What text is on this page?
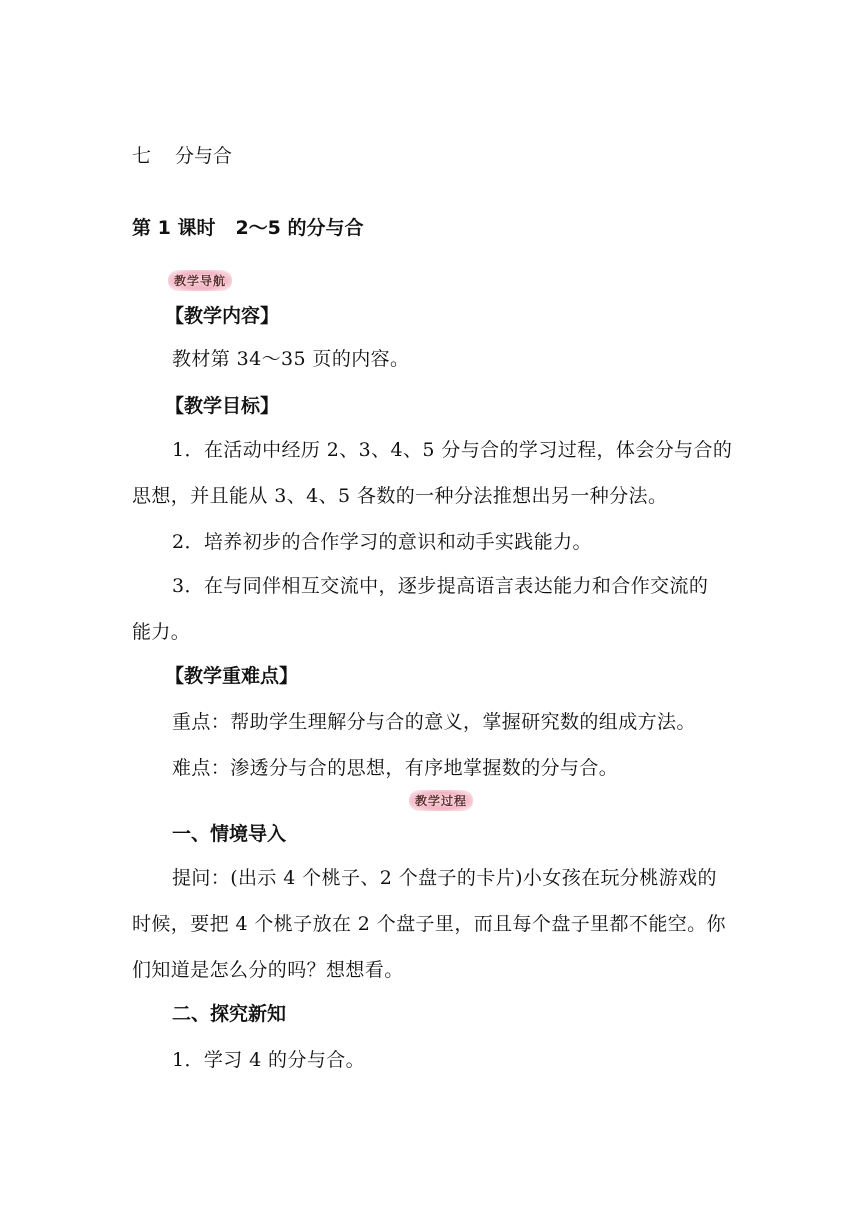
七 分与合
第 1 课时 2～5 的分与合
教学导航
【教学内容】
教材第 34～35 页的内容。
【教学目标】
1．在活动中经历 2、3、4、5 分与合的学习过程，体会分与合的
思想，并且能从 3、4、5 各数的一种分法推想出另一种分法。
2．培养初步的合作学习的意识和动手实践能力。
3．在与同伴相互交流中，逐步提高语言表达能力和合作交流的
能力。
【教学重难点】
重点：帮助学生理解分与合的意义，掌握研究数的组成方法。
难点：渗透分与合的思想，有序地掌握数的分与合。
教学过程
一、情境导入
提问：(出示 4 个桃子、2 个盘子的卡片)小女孩在玩分桃游戏的
时候，要把 4 个桃子放在 2 个盘子里，而且每个盘子里都不能空。你
们知道是怎么分的吗？想想看。
二、探究新知
1．学习 4 的分与合。
